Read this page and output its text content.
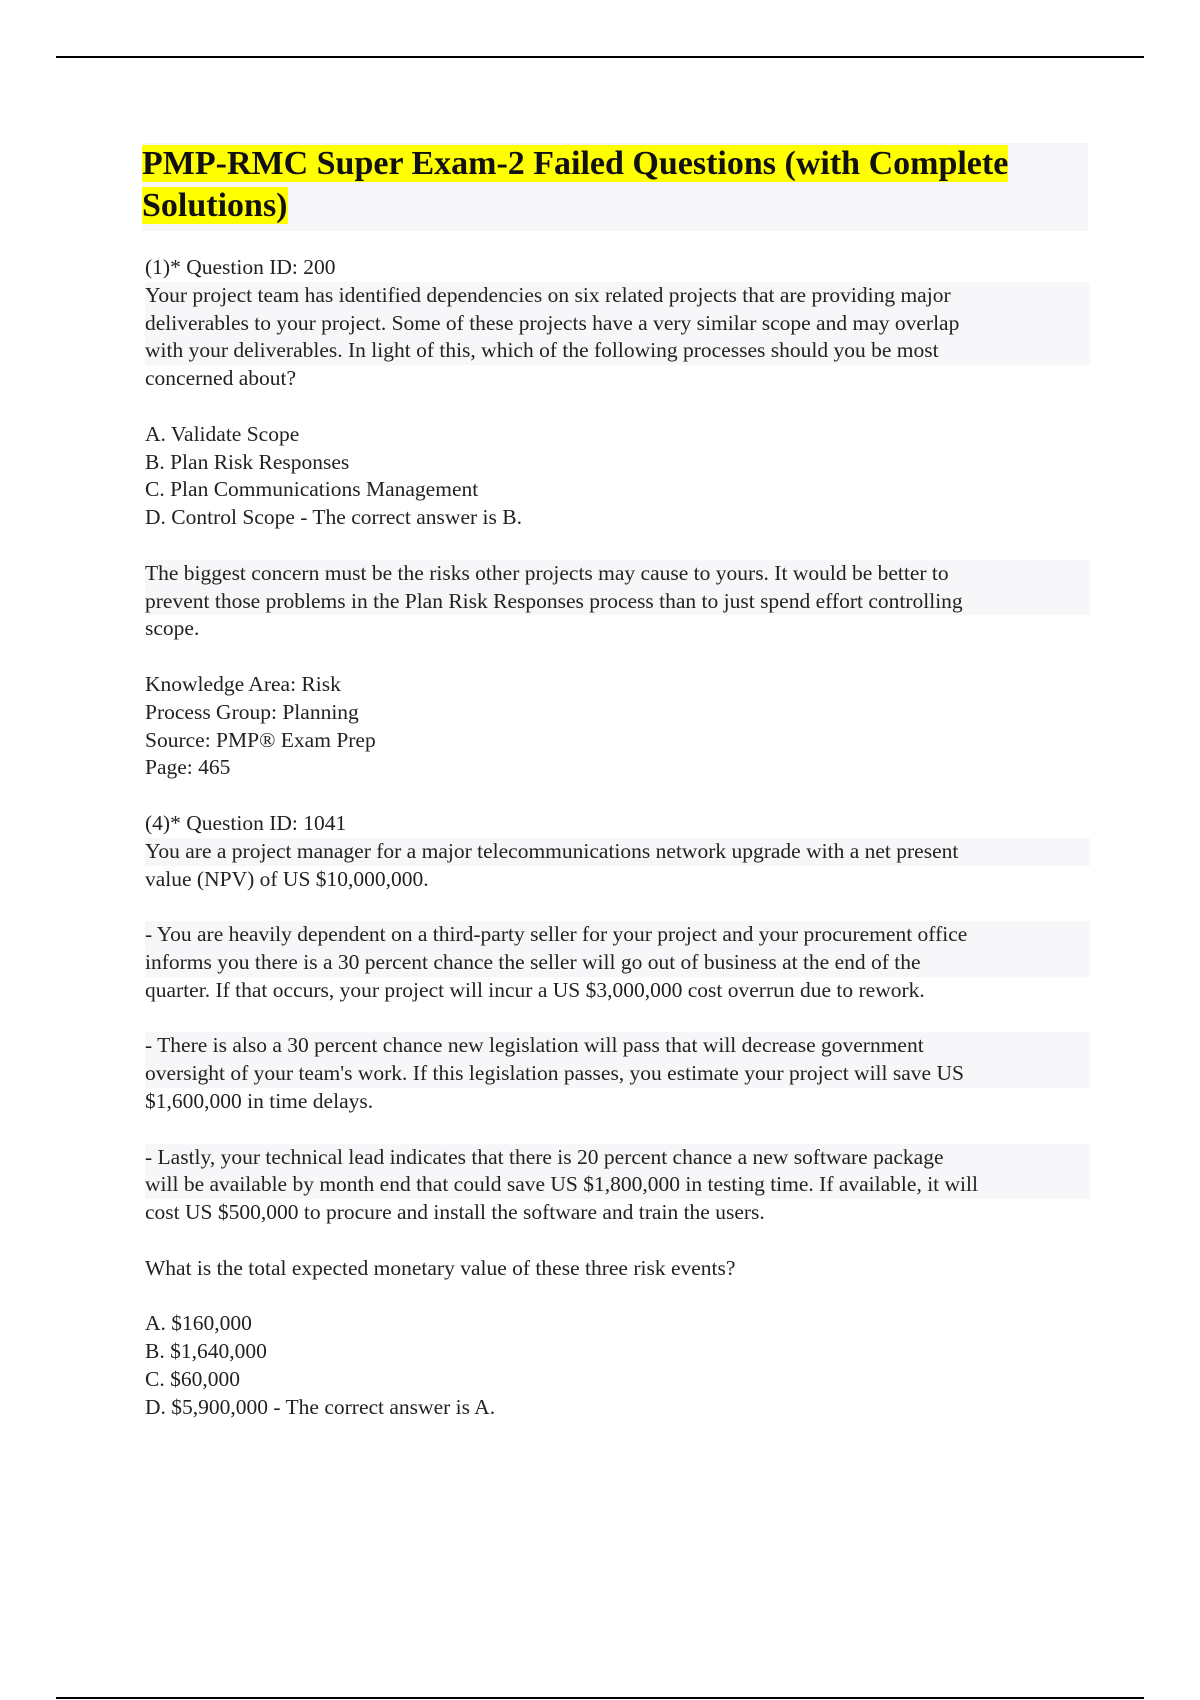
PMP-RMC Super Exam-2 Failed Questions (with Complete
Solutions)
(1)* Question ID: 200
Your project team has identified dependencies on six related projects that are providing major
deliverables to your project. Some of these projects have a very similar scope and may overlap
with your deliverables. In light of this, which of the following processes should you be most
concerned about?
A. Validate Scope
B. Plan Risk Responses
C. Plan Communications Management
D. Control Scope - The correct answer is B.
The biggest concern must be the risks other projects may cause to yours. It would be better to
prevent those problems in the Plan Risk Responses process than to just spend effort controlling
scope.
Knowledge Area: Risk
Process Group: Planning
Source: PMP® Exam Prep
Page: 465
(4)* Question ID: 1041
You are a project manager for a major telecommunications network upgrade with a net present
value (NPV) of US $10,000,000.
- You are heavily dependent on a third-party seller for your project and your procurement office
informs you there is a 30 percent chance the seller will go out of business at the end of the
quarter. If that occurs, your project will incur a US $3,000,000 cost overrun due to rework.
- There is also a 30 percent chance new legislation will pass that will decrease government
oversight of your team's work. If this legislation passes, you estimate your project will save US
$1,600,000 in time delays.
- Lastly, your technical lead indicates that there is 20 percent chance a new software package
will be available by month end that could save US $1,800,000 in testing time. If available, it will
cost US $500,000 to procure and install the software and train the users.
What is the total expected monetary value of these three risk events?
A. $160,000
B. $1,640,000
C. $60,000
D. $5,900,000 - The correct answer is A.
